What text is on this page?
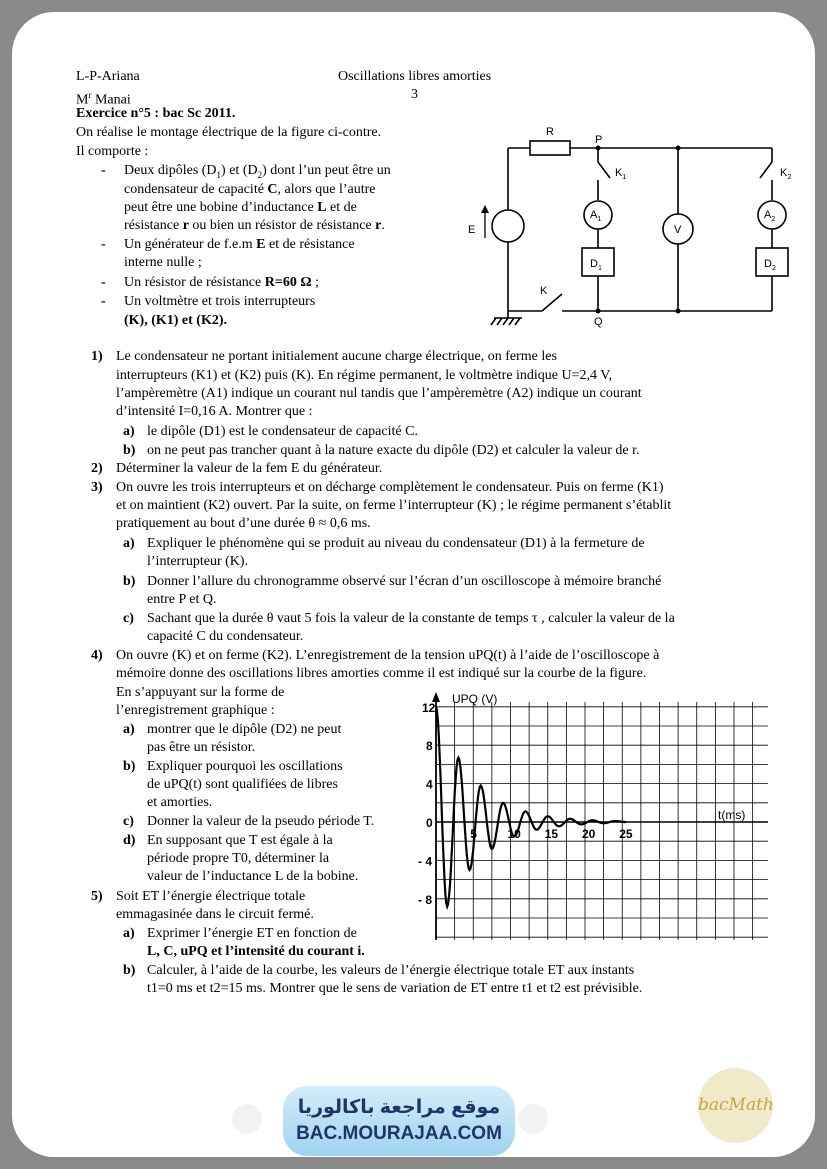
L-P-Ariana
$M^r$ Manai
Oscillations libres amorties
3
Exercice n°5 : bac Sc 2011.
On réalise le montage électrique de la figure ci-contre.
Il comporte :
- Deux dipôles $(D_1)$ et $(D_2)$ dont l’un peut être un
condensateur de capacité C, alors que l’autre
peut être une bobine d’inductance L et de
résistance r ou bien un résistor de résistance r.
- Un générateur de f.e.m E et de résistance
interne nulle ;
- Un résistor de résistance R=60 Ω ;
- Un voltmètre et trois interrupteurs
(K), (K1) et (K2).
R
P
$K_1$	$K_2$
$A_1$	$A_2$
V
E
$D_1$	$D_2$
K
Q
1) Le condensateur ne portant initialement aucune charge électrique, on ferme les
interrupteurs (K1) et (K2) puis (K). En régime permanent, le voltmètre indique U=2,4 V,
l’ampèremètre (A1) indique un courant nul tandis que l’ampèremètre (A2) indique un courant
d’intensité I=0,16 A. Montrer que :
a) le dipôle (D1) est le condensateur de capacité C.
b) on ne peut pas trancher quant à la nature exacte du dipôle (D2) et calculer la valeur de r.
2) Déterminer la valeur de la fem E du générateur.
3) On ouvre les trois interrupteurs et on décharge complètement le condensateur. Puis on ferme (K1)
et on maintient (K2) ouvert. Par la suite, on ferme l’interrupteur (K) ; le régime permanent s’établit
pratiquement au bout d’une durée θ ≈ 0,6 ms.
a) Expliquer le phénomène qui se produit au niveau du condensateur (D1) à la fermeture de
l’interrupteur (K).
b) Donner l’allure du chronogramme observé sur l’écran d’un oscilloscope à mémoire branché
entre P et Q.
c) Sachant que la durée θ vaut 5 fois la valeur de la constante de temps τ , calculer la valeur de la
capacité C du condensateur.
4) On ouvre (K) et on ferme (K2). L’enregistrement de la tension uPQ(t) à l’aide de l’oscilloscope à
mémoire donne des oscillations libres amorties comme il est indiqué sur la courbe de la figure.
En s’appuyant sur la forme de
l’enregistrement graphique :
a) montrer que le dipôle (D2) ne peut
pas être un résistor.
b) Expliquer pourquoi les oscillations
de uPQ(t) sont qualifiées de libres
et amorties.
c) Donner la valeur de la pseudo période T.
d) En supposant que T est égale à la
période propre T0, déterminer la
valeur de l’inductance L de la bobine.
5) Soit ET l’énergie électrique totale
emmagasinée dans le circuit fermé.
a) Exprimer l’énergie ET en fonction de
L, C, uPQ et l’intensité du courant i.
b) Calculer, à l’aide de la courbe, les valeurs de l’énergie électrique totale ET aux instants
t1=0 ms et t2=15 ms. Montrer que le sens de variation de ET entre t1 et t2 est prévisible.
5	10 15 20 25
12
8
4
0
- 4
- 8
UPQ (V)
t(ms)
موقع مراجعة باكالوريا
BAC.MOURAJAA.COM
bacMath
